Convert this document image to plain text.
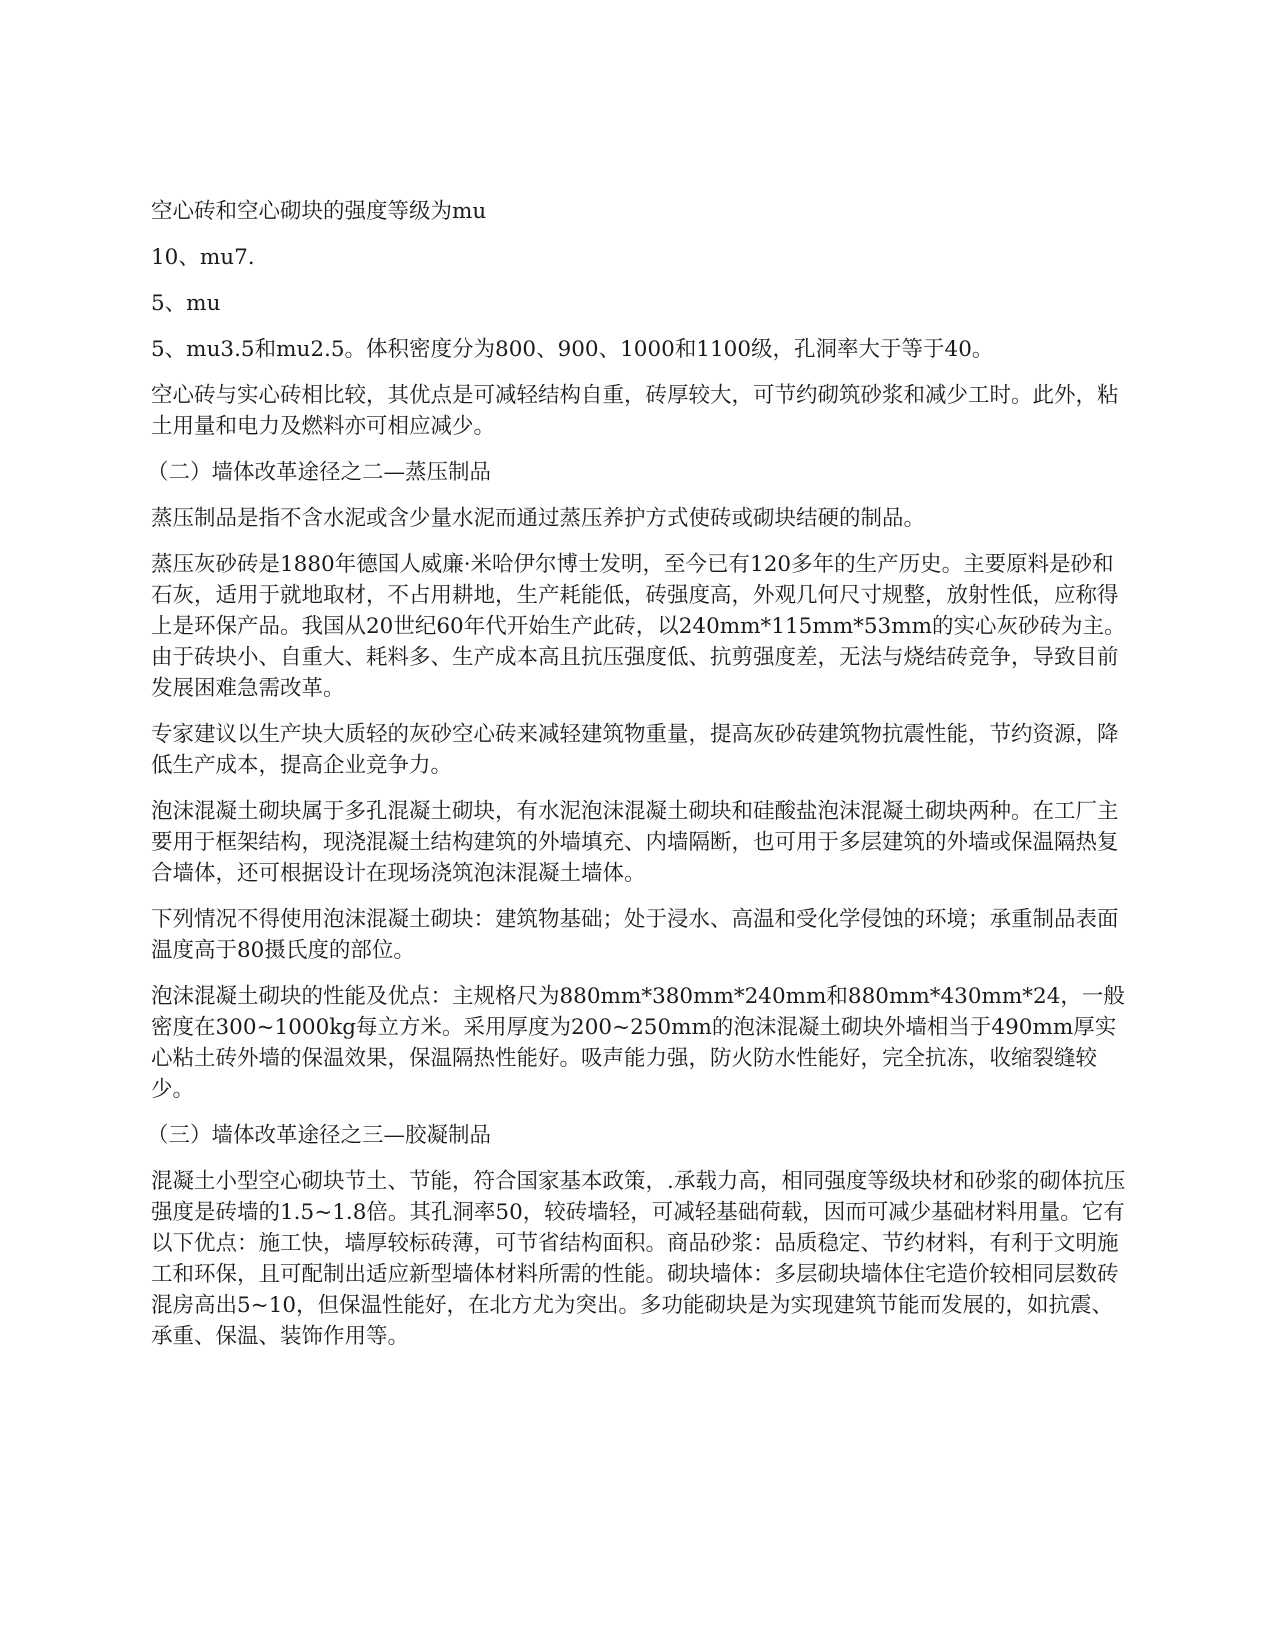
空心砖和空心砌块的强度等级为mu

10、mu7.

5、mu

5、mu3.5和mu2.5。体积密度分为800、900、1000和1100级，孔洞率大于等于40。

空心砖与实心砖相比较，其优点是可减轻结构自重，砖厚较大，可节约砌筑砂浆和减少工时。此外，粘土用量和电力及燃料亦可相应减少。

（二）墙体改革途径之二—蒸压制品

蒸压制品是指不含水泥或含少量水泥而通过蒸压养护方式使砖或砌块结硬的制品。

蒸压灰砂砖是1880年德国人威廉·米哈伊尔博士发明，至今已有120多年的生产历史。主要原料是砂和石灰，适用于就地取材，不占用耕地，生产耗能低，砖强度高，外观几何尺寸规整，放射性低，应称得上是环保产品。我国从20世纪60年代开始生产此砖，以240mm*115mm*53mm的实心灰砂砖为主。由于砖块小、自重大、耗料多、生产成本高且抗压强度低、抗剪强度差，无法与烧结砖竞争，导致目前发展困难急需改革。

专家建议以生产块大质轻的灰砂空心砖来减轻建筑物重量，提高灰砂砖建筑物抗震性能，节约资源，降低生产成本，提高企业竞争力。

泡沫混凝土砌块属于多孔混凝土砌块，有水泥泡沫混凝土砌块和硅酸盐泡沫混凝土砌块两种。在工厂主要用于框架结构，现浇混凝土结构建筑的外墙填充、内墙隔断，也可用于多层建筑的外墙或保温隔热复合墙体，还可根据设计在现场浇筑泡沫混凝土墙体。

下列情况不得使用泡沫混凝土砌块：建筑物基础；处于浸水、高温和受化学侵蚀的环境；承重制品表面温度高于80摄氏度的部位。

泡沫混凝土砌块的性能及优点：主规格尺为880mm*380mm*240mm和880mm*430mm*24，一般密度在300~1000kg每立方米。采用厚度为200~250mm的泡沫混凝土砌块外墙相当于490mm厚实心粘土砖外墙的保温效果，保温隔热性能好。吸声能力强，防火防水性能好，完全抗冻，收缩裂缝较少。

（三）墙体改革途径之三—胶凝制品

混凝土小型空心砌块节土、节能，符合国家基本政策，.承载力高，相同强度等级块材和砂浆的砌体抗压强度是砖墙的1.5~1.8倍。其孔洞率50，较砖墙轻，可减轻基础荷载，因而可减少基础材料用量。它有以下优点：施工快，墙厚较标砖薄，可节省结构面积。商品砂浆：品质稳定、节约材料，有利于文明施工和环保，且可配制出适应新型墙体材料所需的性能。砌块墙体：多层砌块墙体住宅造价较相同层数砖混房高出5~10，但保温性能好，在北方尤为突出。多功能砌块是为实现建筑节能而发展的，如抗震、承重、保温、装饰作用等。
